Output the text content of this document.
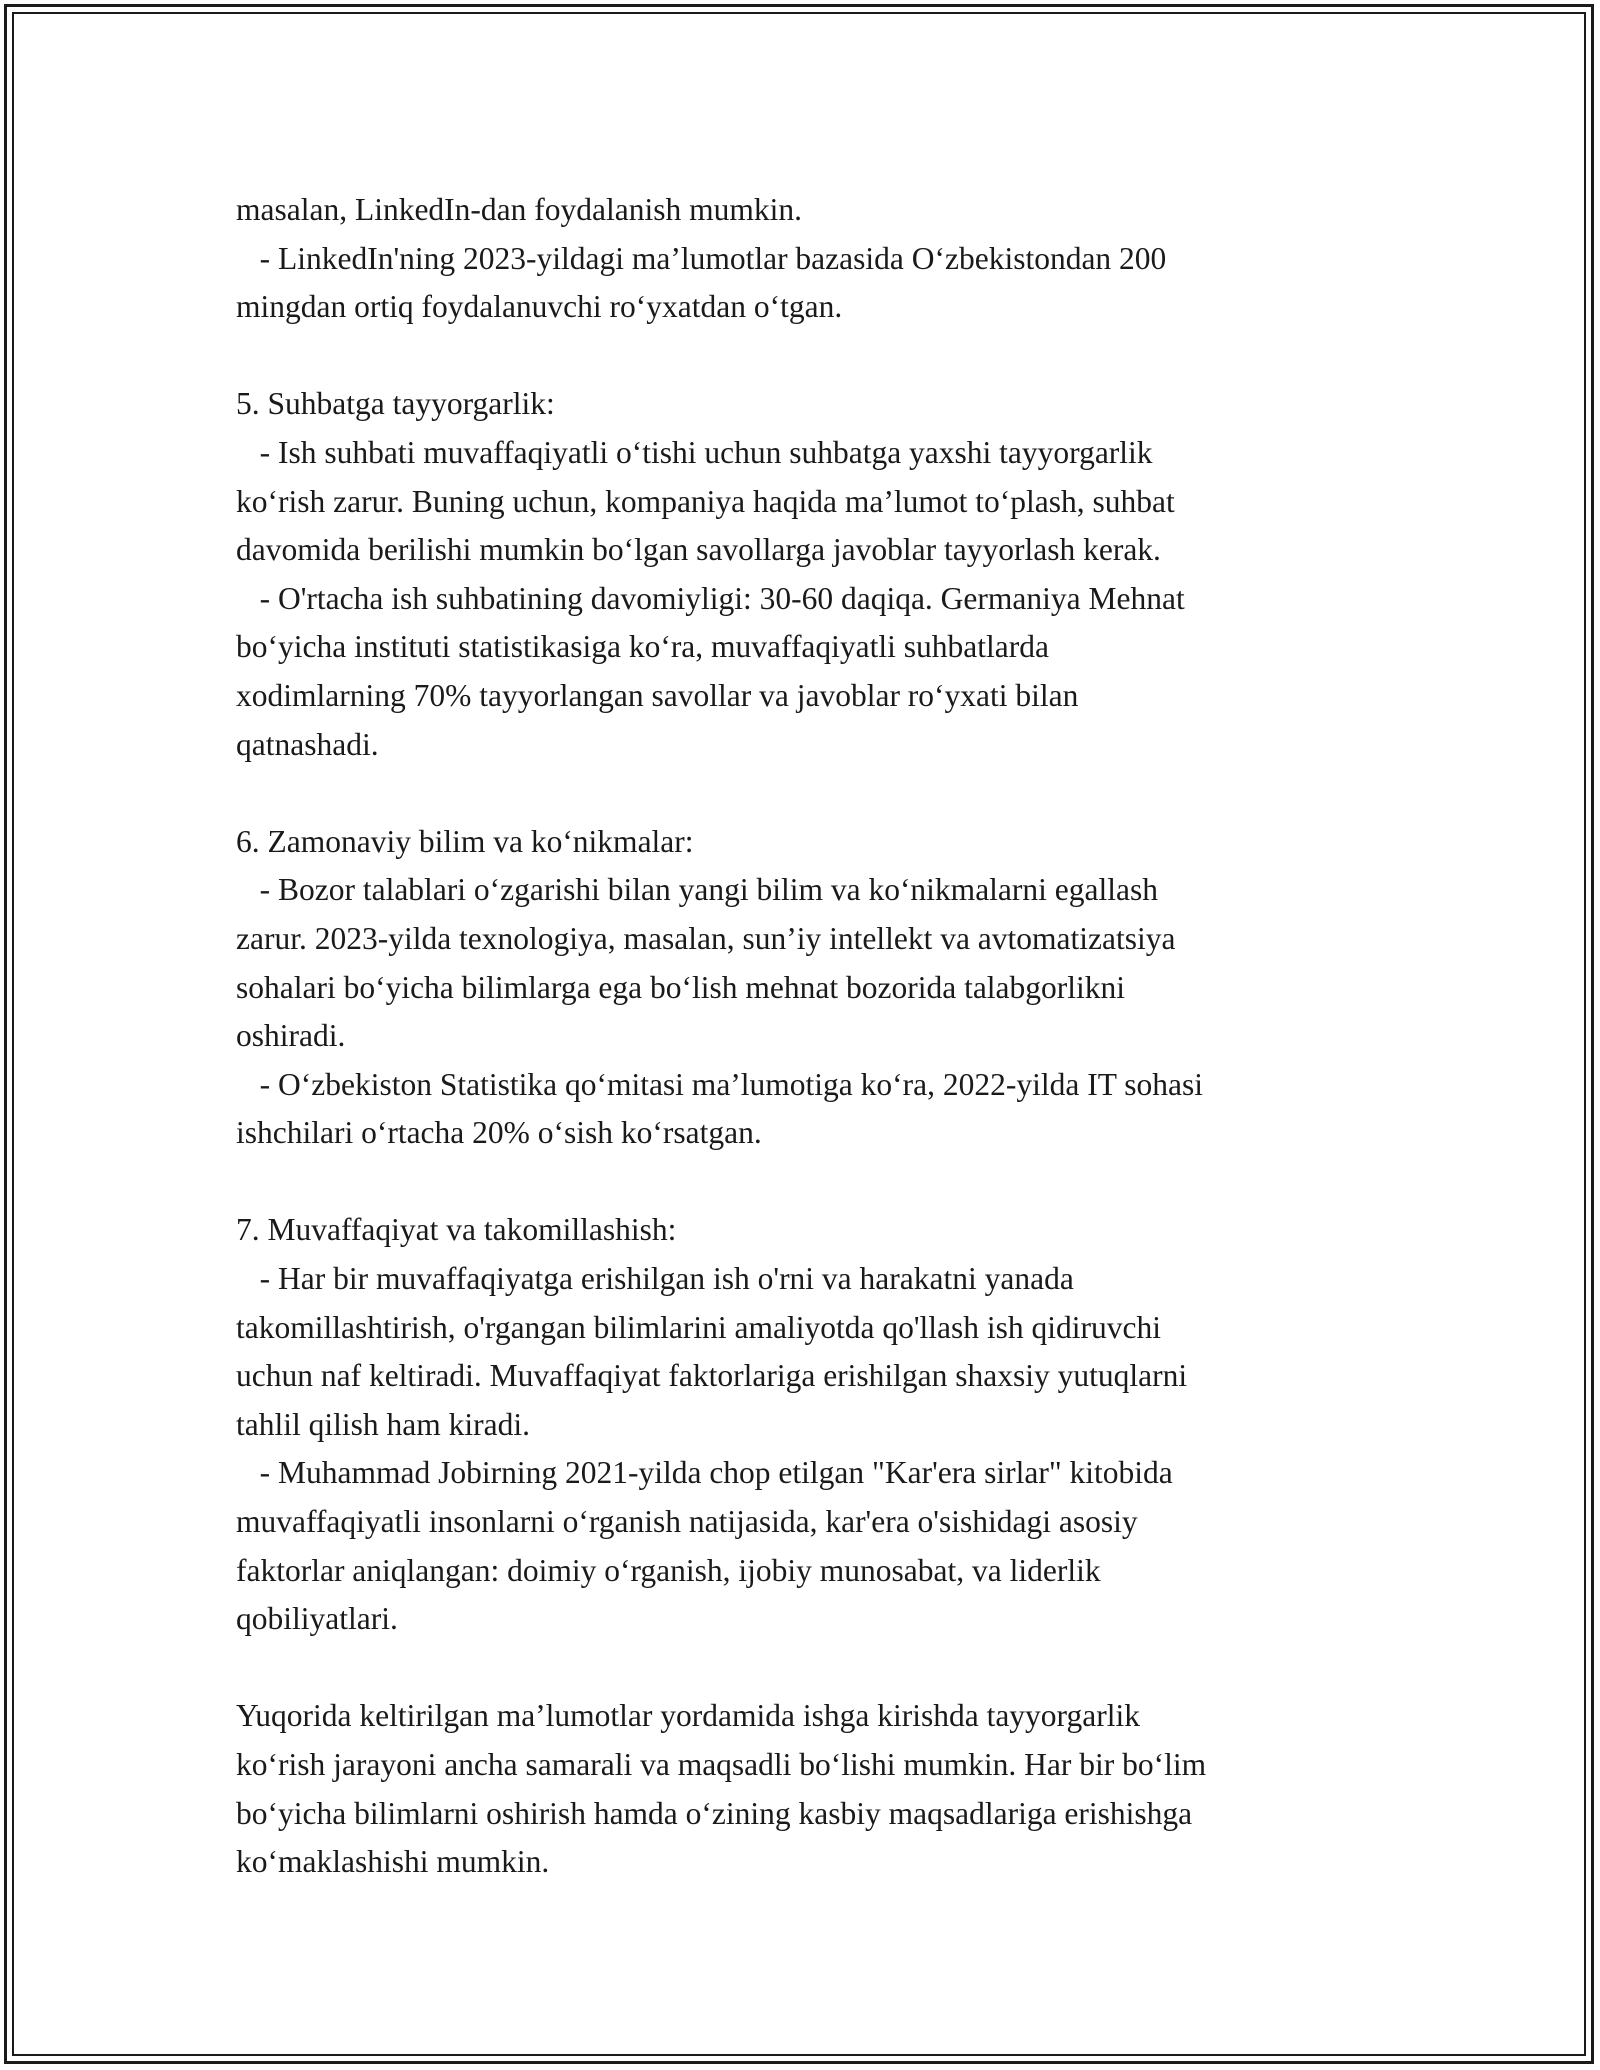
masalan, LinkedIn-dan foydalanish mumkin.
- LinkedIn'ning 2023-yildagi ma’lumotlar bazasida O‘zbekistondan 200
mingdan ortiq foydalanuvchi ro‘yxatdan o‘tgan.
5. Suhbatga tayyorgarlik:
- Ish suhbati muvaffaqiyatli o‘tishi uchun suhbatga yaxshi tayyorgarlik
ko‘rish zarur. Buning uchun, kompaniya haqida ma’lumot to‘plash, suhbat
davomida berilishi mumkin bo‘lgan savollarga javoblar tayyorlash kerak.
- O'rtacha ish suhbatining davomiyligi: 30-60 daqiqa. Germaniya Mehnat
bo‘yicha instituti statistikasiga ko‘ra, muvaffaqiyatli suhbatlarda
xodimlarning 70% tayyorlangan savollar va javoblar ro‘yxati bilan
qatnashadi.
6. Zamonaviy bilim va ko‘nikmalar:
- Bozor talablari o‘zgarishi bilan yangi bilim va ko‘nikmalarni egallash
zarur. 2023-yilda texnologiya, masalan, sun’iy intellekt va avtomatizatsiya
sohalari bo‘yicha bilimlarga ega bo‘lish mehnat bozorida talabgorlikni
oshiradi.
- O‘zbekiston Statistika qo‘mitasi ma’lumotiga ko‘ra, 2022-yilda IT sohasi
ishchilari o‘rtacha 20% o‘sish ko‘rsatgan.
7. Muvaffaqiyat va takomillashish:
- Har bir muvaffaqiyatga erishilgan ish o'rni va harakatni yanada
takomillashtirish, o'rgangan bilimlarini amaliyotda qo'llash ish qidiruvchi
uchun naf keltiradi. Muvaffaqiyat faktorlariga erishilgan shaxsiy yutuqlarni
tahlil qilish ham kiradi.
- Muhammad Jobirning 2021-yilda chop etilgan "Kar'era sirlar" kitobida
muvaffaqiyatli insonlarni o‘rganish natijasida, kar'era o'sishidagi asosiy
faktorlar aniqlangan: doimiy o‘rganish, ijobiy munosabat, va liderlik
qobiliyatlari.
Yuqorida keltirilgan ma’lumotlar yordamida ishga kirishda tayyorgarlik
ko‘rish jarayoni ancha samarali va maqsadli bo‘lishi mumkin. Har bir bo‘lim
bo‘yicha bilimlarni oshirish hamda o‘zining kasbiy maqsadlariga erishishga
ko‘maklashishi mumkin.
